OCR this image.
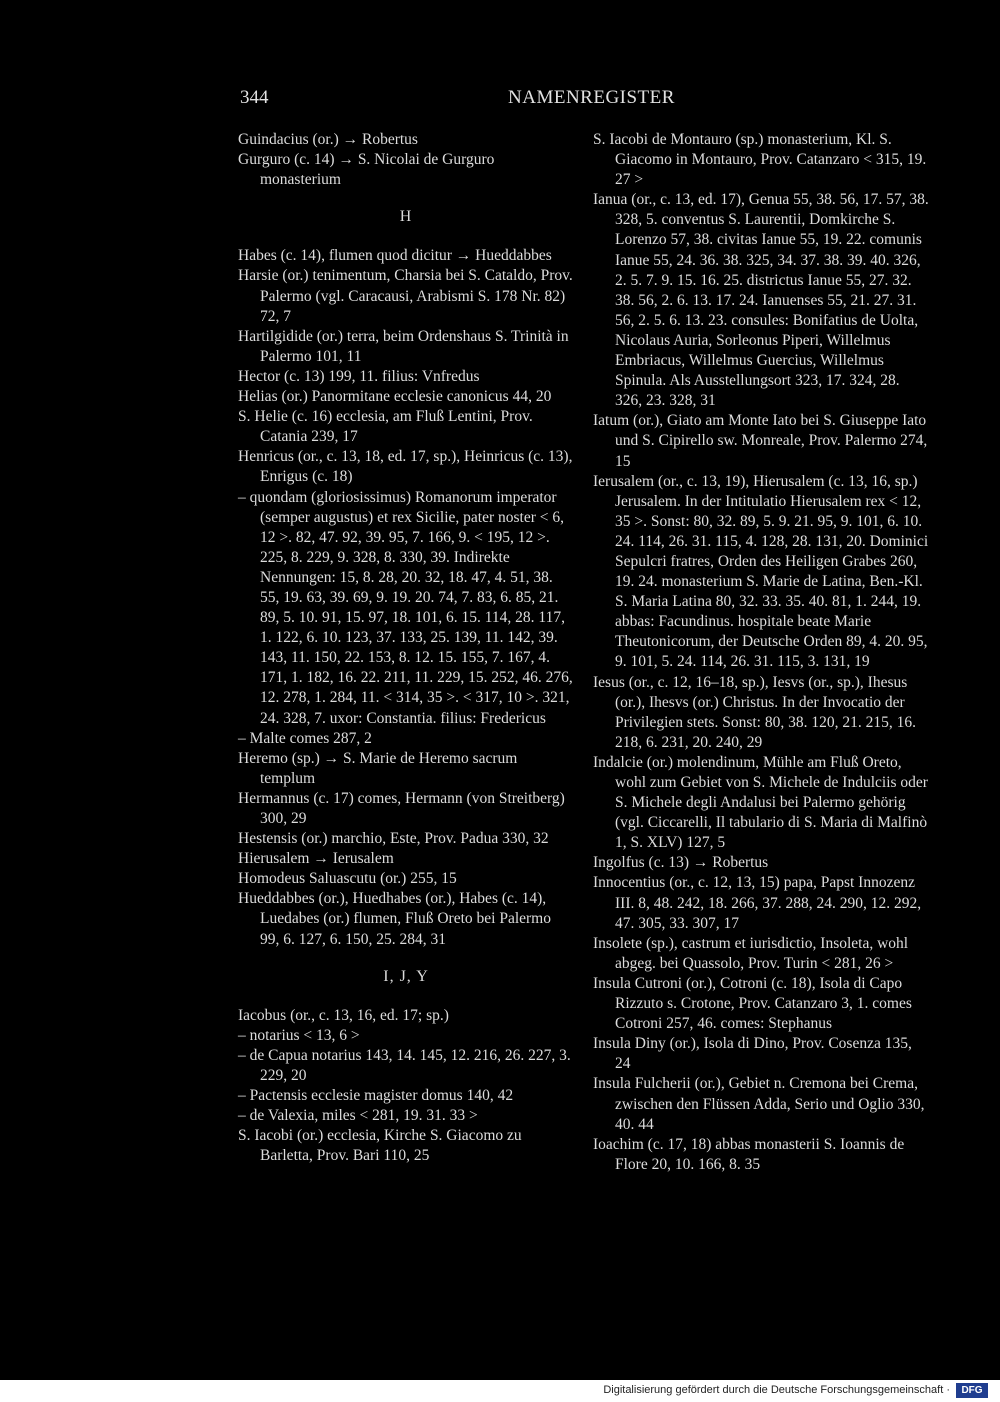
344	NAMENREGISTER
Guindacius (or.) → Robertus
Gurguro (c. 14) → S. Nicolai de Gurguro monasterium
H
Habes (c. 14), flumen quod dicitur → Hueddabbes
Harsie (or.) tenimentum, Charsia bei S. Cataldo, Prov. Palermo (vgl. Caracausi, Arabismi S. 178 Nr. 82) 72, 7
Hartilgidide (or.) terra, beim Ordenshaus S. Trinità in Palermo 101, 11
Hector (c. 13) 199, 11. filius: Vnfredus
Helias (or.) Panormitane ecclesie canonicus 44, 20
S. Helie (c. 16) ecclesia, am Fluß Lentini, Prov. Catania 239, 17
Henricus (or., c. 13, 18, ed. 17, sp.), Heinricus (c. 13), Enrigus (c. 18)
– quondam (gloriosissimus) Romanorum imperator (semper augustus) et rex Sicilie, pater noster < 6, 12 >. 82, 47. 92, 39. 95, 7. 166, 9. < 195, 12 >. 225, 8. 229, 9. 328, 8. 330, 39. Indirekte Nennungen: 15, 8. 28, 20. 32, 18. 47, 4. 51, 38. 55, 19. 63, 39. 69, 9. 19. 20. 74, 7. 83, 6. 85, 21. 89, 5. 10. 91, 15. 97, 18. 101, 6. 15. 114, 28. 117, 1. 122, 6. 10. 123, 37. 133, 25. 139, 11. 142, 39. 143, 11. 150, 22. 153, 8. 12. 15. 155, 7. 167, 4. 171, 1. 182, 16. 22. 211, 11. 229, 15. 252, 46. 276, 12. 278, 1. 284, 11. < 314, 35 >. < 317, 10 >. 321, 24. 328, 7. uxor: Constantia. filius: Fredericus
– Malte comes 287, 2
Heremo (sp.) → S. Marie de Heremo sacrum templum
Hermannus (c. 17) comes, Hermann (von Streitberg) 300, 29
Hestensis (or.) marchio, Este, Prov. Padua 330, 32
Hierusalem → Ierusalem
Homodeus Saluascutu (or.) 255, 15
Hueddabbes (or.), Huedhabes (or.), Habes (c. 14), Luedabes (or.) flumen, Fluß Oreto bei Palermo 99, 6. 127, 6. 150, 25. 284, 31
I, J, Y
Iacobus (or., c. 13, 16, ed. 17; sp.)
– notarius < 13, 6 >
– de Capua notarius 143, 14. 145, 12. 216, 26. 227, 3. 229, 20
– Pactensis ecclesie magister domus 140, 42
– de Valexia, miles < 281, 19. 31. 33 >
S. Iacobi (or.) ecclesia, Kirche S. Giacomo zu Barletta, Prov. Bari 110, 25
S. Iacobi de Montauro (sp.) monasterium, Kl. S. Giacomo in Montauro, Prov. Catanzaro < 315, 19. 27 >
Ianua (or., c. 13, ed. 17), Genua 55, 38. 56, 17. 57, 38. 328, 5. conventus S. Laurentii, Domkirche S. Lorenzo 57, 38. civitas Ianue 55, 19. 22. comunis Ianue 55, 24. 36. 38. 325, 34. 37. 38. 39. 40. 326, 2. 5. 7. 9. 15. 16. 25. districtus Ianue 55, 27. 32. 38. 56, 2. 6. 13. 17. 24. Ianuenses 55, 21. 27. 31. 56, 2. 5. 6. 13. 23. consules: Bonifatius de Uolta, Nicolaus Auria, Sorleonus Piperi, Willelmus Embriacus, Willelmus Guercius, Willelmus Spinula. Als Ausstellungsort 323, 17. 324, 28. 326, 23. 328, 31
Iatum (or.), Giato am Monte Iato bei S. Giuseppe Iato und S. Cipirello sw. Monreale, Prov. Palermo 274, 15
Ierusalem (or., c. 13, 19), Hierusalem (c. 13, 16, sp.) Jerusalem. In der Intitulatio Hierusalem rex < 12, 35 >. Sonst: 80, 32. 89, 5. 9. 21. 95, 9. 101, 6. 10. 24. 114, 26. 31. 115, 4. 128, 28. 131, 20. Dominici Sepulcri fratres, Orden des Heiligen Grabes 260, 19. 24. monasterium S. Marie de Latina, Ben.-Kl. S. Maria Latina 80, 32. 33. 35. 40. 81, 1. 244, 19. abbas: Facundinus. hospitale beate Marie Theutonicorum, der Deutsche Orden 89, 4. 20. 95, 9. 101, 5. 24. 114, 26. 31. 115, 3. 131, 19
Iesus (or., c. 12, 16–18, sp.), Iesvs (or., sp.), Ihesus (or.), Ihesvs (or.) Christus. In der Invocatio der Privilegien stets. Sonst: 80, 38. 120, 21. 215, 16. 218, 6. 231, 20. 240, 29
Indalcie (or.) molendinum, Mühle am Fluß Oreto, wohl zum Gebiet von S. Michele de Indulciis oder S. Michele degli Andalusi bei Palermo gehörig (vgl. Ciccarelli, Il tabulario di S. Maria di Malfinò 1, S. XLV) 127, 5
Ingolfus (c. 13) → Robertus
Innocentius (or., c. 12, 13, 15) papa, Papst Innozenz III. 8, 48. 242, 18. 266, 37. 288, 24. 290, 12. 292, 47. 305, 33. 307, 17
Insolete (sp.), castrum et iurisdictio, Insoleta, wohl abgeg. bei Quassolo, Prov. Turin < 281, 26 >
Insula Cutroni (or.), Cotroni (c. 18), Isola di Capo Rizzuto s. Crotone, Prov. Catanzaro 3, 1. comes Cotroni 257, 46. comes: Stephanus
Insula Diny (or.), Isola di Dino, Prov. Cosenza 135, 24
Insula Fulcherii (or.), Gebiet n. Cremona bei Crema, zwischen den Flüssen Adda, Serio und Oglio 330, 40. 44
Ioachim (c. 17, 18) abbas monasterii S. Ioannis de Flore 20, 10. 166, 8. 35
Digitalisierung gefördert durch die Deutsche Forschungsgemeinschaft ·	DFG
